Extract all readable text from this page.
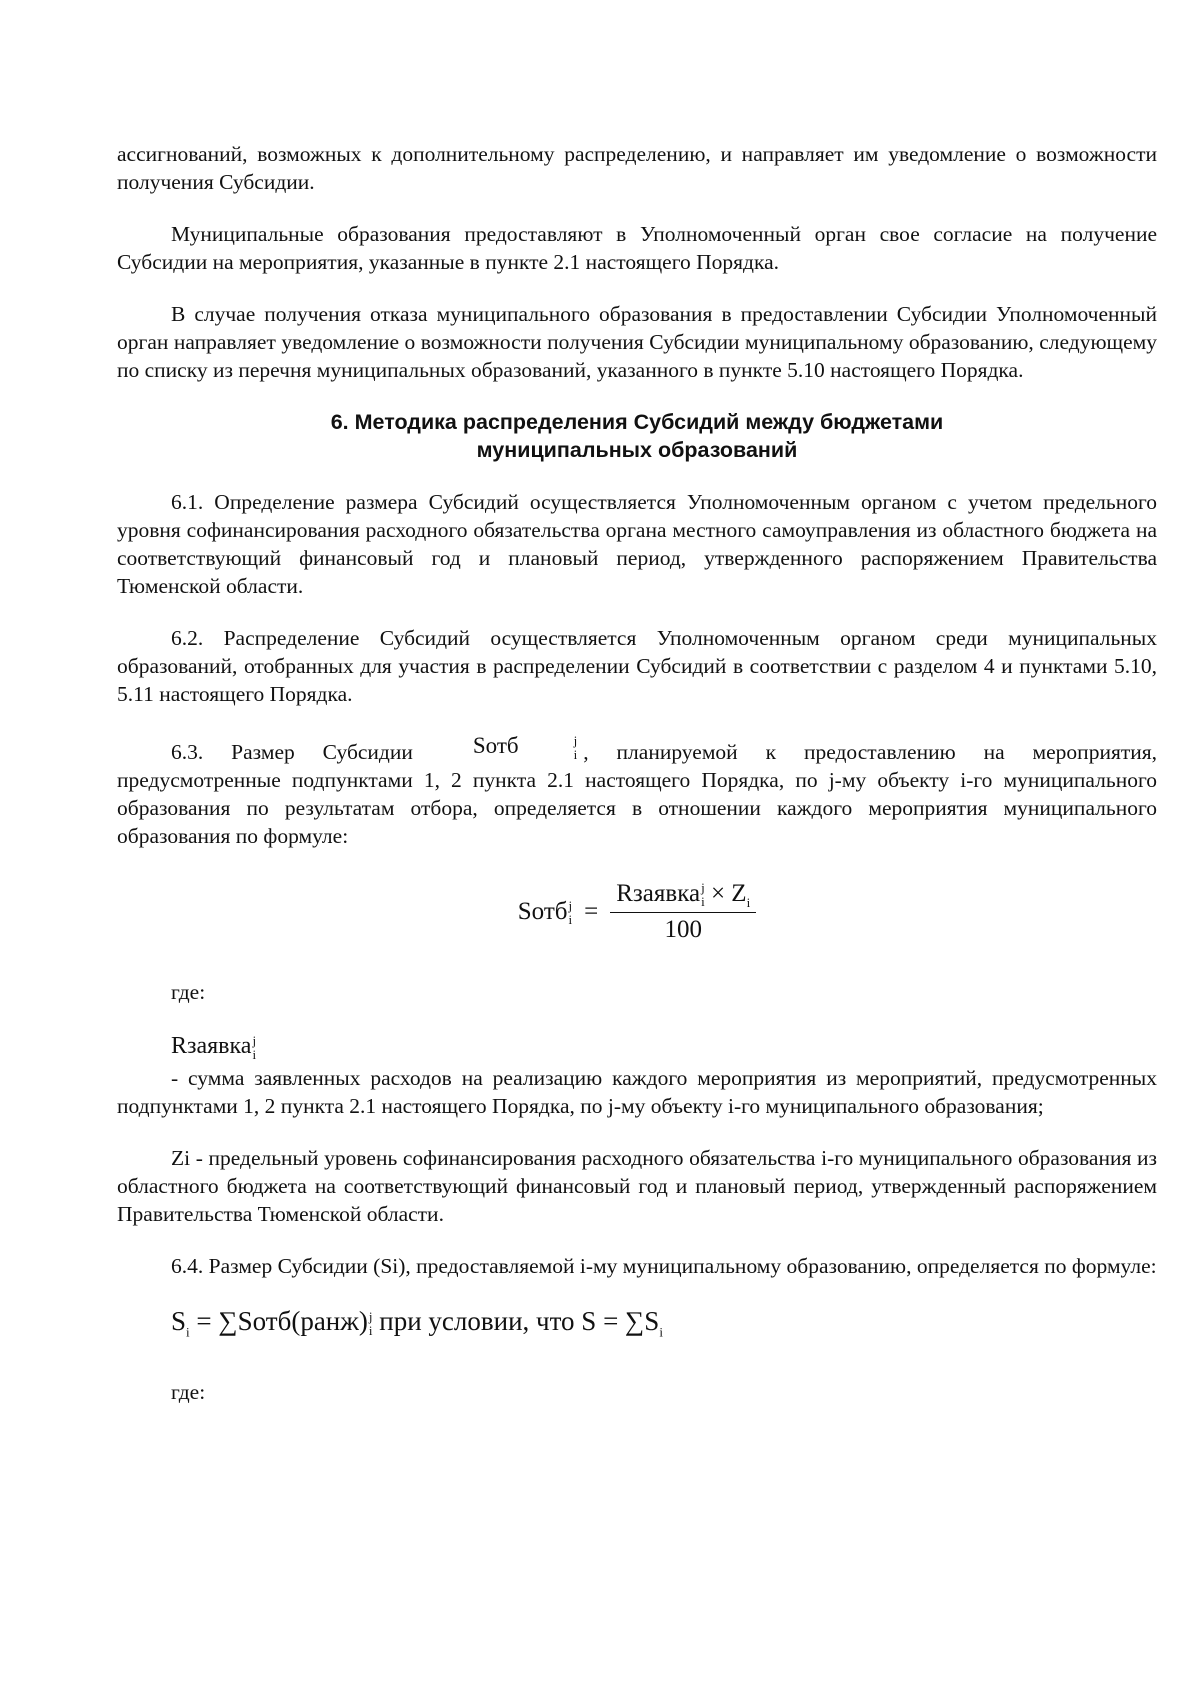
ассигнований, возможных к дополнительному распределению, и направляет им уведомление о возможности получения Субсидии.

Муниципальные образования предоставляют в Уполномоченный орган свое согласие на получение Субсидии на мероприятия, указанные в пункте 2.1 настоящего Порядка.

В случае получения отказа муниципального образования в предоставлении Субсидии Уполномоченный орган направляет уведомление о возможности получения Субсидии муниципальному образованию, следующему по списку из перечня муниципальных образований, указанного в пункте 5.10 настоящего Порядка.

6. Методика распределения Субсидий между бюджетами
муниципальных образований

6.1. Определение размера Субсидий осуществляется Уполномоченным органом с учетом предельного уровня софинансирования расходного обязательства органа местного самоуправления из областного бюджета на соответствующий финансовый год и плановый период, утвержденного распоряжением Правительства Тюменской области.

6.2. Распределение Субсидий осуществляется Уполномоченным органом среди муниципальных образований, отобранных для участия в распределении Субсидий в соответствии с разделом 4 и пунктами 5.10, 5.11 настоящего Порядка.

6.3. Размер Субсидии	Sотб	j
i , планируемой к предоставлению на мероприятия, предусмотренные подпунктами 1, 2 пункта 2.1 настоящего Порядка, по j-му объекту i-го муниципального образования по результатам отбора, определяется в отношении каждого мероприятия муниципального образования по формуле:

Sотб j
i = Rзаявка j
$i \times Z_i$
100

где:

Rзаявка j
i

- сумма заявленных расходов на реализацию каждого мероприятия из мероприятий, предусмотренных подпунктами 1, 2 пункта 2.1 настоящего Порядка, по j-му объекту i-го муниципального образования;

Zi - предельный уровень софинансирования расходного обязательства i-го муниципального образования из областного бюджета на соответствующий финансовый год и плановый период, утвержденный распоряжением Правительства Тюменской области.

6.4. Размер Субсидии (Si), предоставляемой i-му муниципальному образованию, определяется по формуле:

$S_i$ = ∑Sотб(ранж) j
i при условии, что $S = \sum S_i$

где:
